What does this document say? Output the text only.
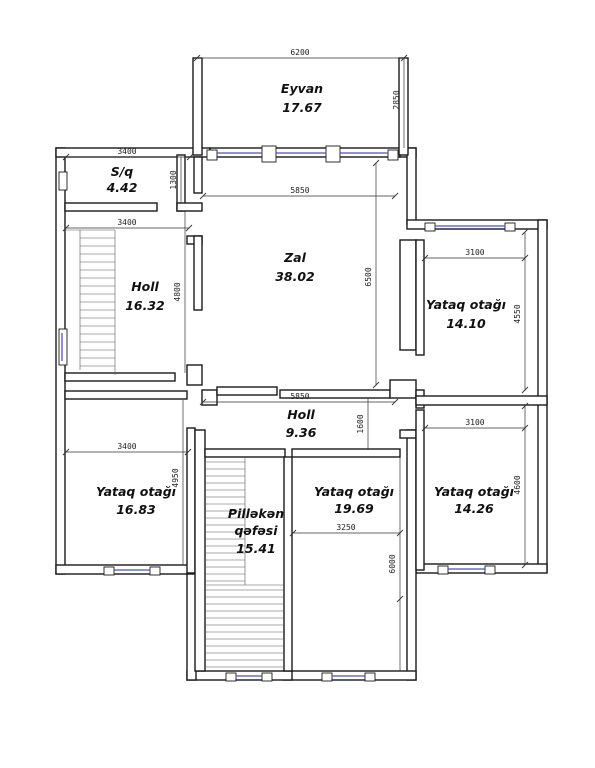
6200
2850
3400
1300
3400
4800
5850
6500
3100
4550
5850
1600
3400
4950
3100
4600
3250
6000
Eyvan
17.67
S/q
4.42
Holl
16.32
Zal
38.02
Yataq otağı
14.10
Holl
9.36
Yataq otağı
16.83	Pilləkən
qəfəsi
15.41
Yataq otağı
19.69
Yataq otağı
14.26
